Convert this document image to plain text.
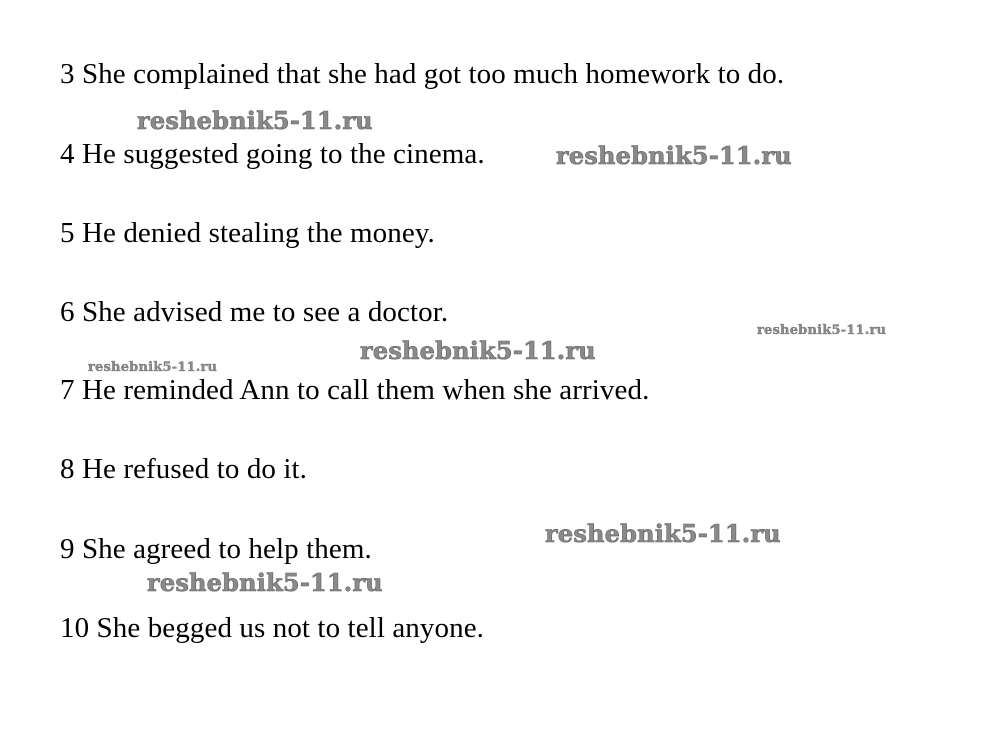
3 She complained that she had got too much homework to do.

4 He suggested going to the cinema.

5 He denied stealing the money.

6 She advised me to see a doctor.

7 He reminded Ann to call them when she arrived.

8 He refused to do it.

9 She agreed to help them.

10 She begged us not to tell anyone.

reshebnik5-11.ru
reshebnik5-11.ru
reshebnik5-11.ru
reshebnik5-11.ru
reshebnik5-11.ru
reshebnik5-11.ru
reshebnik5-11.ru
